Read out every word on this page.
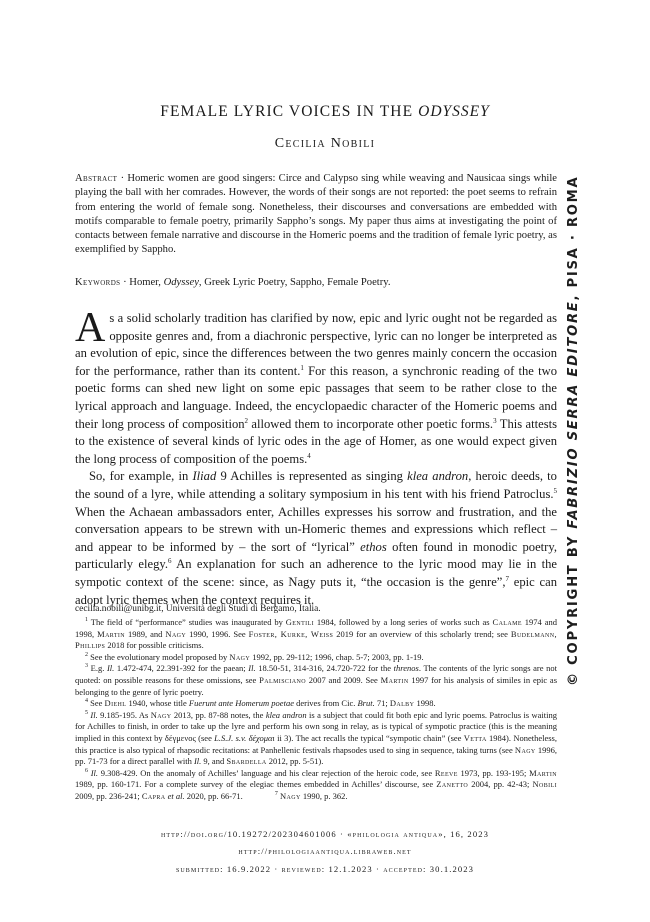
FEMALE LYRIC VOICES IN THE ODYSSEY
Cecilia Nobili
Abstract · Homeric women are good singers: Circe and Calypso sing while weaving and Nausicaa sings while playing the ball with her comrades. However, the words of their songs are not reported: the poet seems to refrain from entering the world of female song. Nonetheless, their discourses and conversations are embedded with motifs comparable to female poetry, primarily Sappho’s songs. My paper thus aims at investigating the point of contacts between female narrative and discourse in the Homeric poems and the tradition of female lyric poetry, as exemplified by Sappho.
Keywords · Homer, Odyssey, Greek Lyric Poetry, Sappho, Female Poetry.

As a solid scholarly tradition has clarified by now, epic and lyric ought not be regarded as opposite genres and, from a diachronic perspective, lyric can no longer be interpreted as an evolution of epic, since the differences between the two genres mainly concern the occasion for the performance, rather than its content.$^1$ For this reason, a synchronic reading of the two poetic forms can shed new light on some epic passages that seem to be rather close to the lyrical approach and language. Indeed, the encyclopaedic character of the Homeric poems and their long process of composition$^2$ allowed them to incorporate other poetic forms.$^3$ This attests to the existence of several kinds of lyric odes in the age of Homer, as one would expect given the long process of composition of the poems.$^4$

So, for example, in Iliad 9 Achilles is represented as singing klea andron, heroic deeds, to the sound of a lyre, while attending a solitary symposium in his tent with his friend Patroclus.$^5$ When the Achaean ambassadors enter, Achilles expresses his sorrow and frustration, and the conversation appears to be strewn with un-Homeric themes and expressions which reflect – and appear to be informed by – the sort of “lyrical” ethos often found in monodic poetry, particularly elegy.$^6$ An explanation for such an adherence to the lyric mood may lie in the sympotic context of the scene: since, as Nagy puts it, “the occasion is the genre”,$^7$ epic can adopt lyric themes when the context requires it.

cecilia.nobili@unibg.it, Università degli Studi di Bergamo, Italia.

$^1$ The field of “performance” studies was inaugurated by Gentili 1984, followed by a long series of works such as Calame 1974 and 1998, Martin 1989, and Nagy 1990, 1996. See Foster, Kurke, Weiss 2019 for an overview of this scholarly trend; see Budelmann, Phillips 2018 for possible criticisms.

$^2$ See the evolutionary model proposed by Nagy 1992, pp. 29-112; 1996, chap. 5-7; 2003, pp. 1-19.

$^3$ E.g. Il. 1.472-474, 22.391-392 for the paean; Il. 18.50-51, 314-316, 24.720-722 for the threnos. The contents of the lyric songs are not quoted: on possible reasons for these omissions, see Palmisciano 2007 and 2009. See Martin 1997 for his analysis of similes in epic as belonging to the genre of lyric poetry.

$^4$ See Diehl 1940, whose title Fuerunt ante Homerum poetae derives from Cic. Brut. 71; Dalby 1998.

$^5$ Il. 9.185-195. As Nagy 2013, pp. 87-88 notes, the klea andron is a subject that could fit both epic and lyric poems. Patroclus is waiting for Achilles to finish, in order to take up the lyre and perform his own song in relay, as is typical of sympotic practice (this is the meaning implied in this context by δέγμενος (see L.S.J. s.v. δέχομαι ii 3). The act recalls the typical “sympotic chain” (see Vetta 1984). Nonetheless, this practice is also typical of rhapsodic recitations: at Panhellenic festivals rhapsodes used to sing in sequence, taking turns (see Nagy 1996, pp. 71-73 for a direct parallel with Il. 9, and Sbardella 2012, pp. 5-51).

$^6$ Il. 9.308-429. On the anomaly of Achilles’ language and his clear rejection of the heroic code, see Reeve 1973, pp. 193-195; Martin 1989, pp. 160-171. For a complete survey of the elegiac themes embedded in Achilles’ discourse, see Zanetto 2004, pp. 42-43; Nobili 2009, pp. 236-241; Capra et al. 2020, pp. 66-71.	$^7$ Nagy 1990, p. 362.

http://doi.org/10.19272/202304601006 · «philologia antiqua», 16, 2023
http://philologiaantiqua.libraweb.net
submitted: 16.9.2022 · reviewed: 12.1.2023 · accepted: 30.1.2023
© COPYRIGHT BY FABRIZIO SERRA EDITORE, PISA · ROMA
